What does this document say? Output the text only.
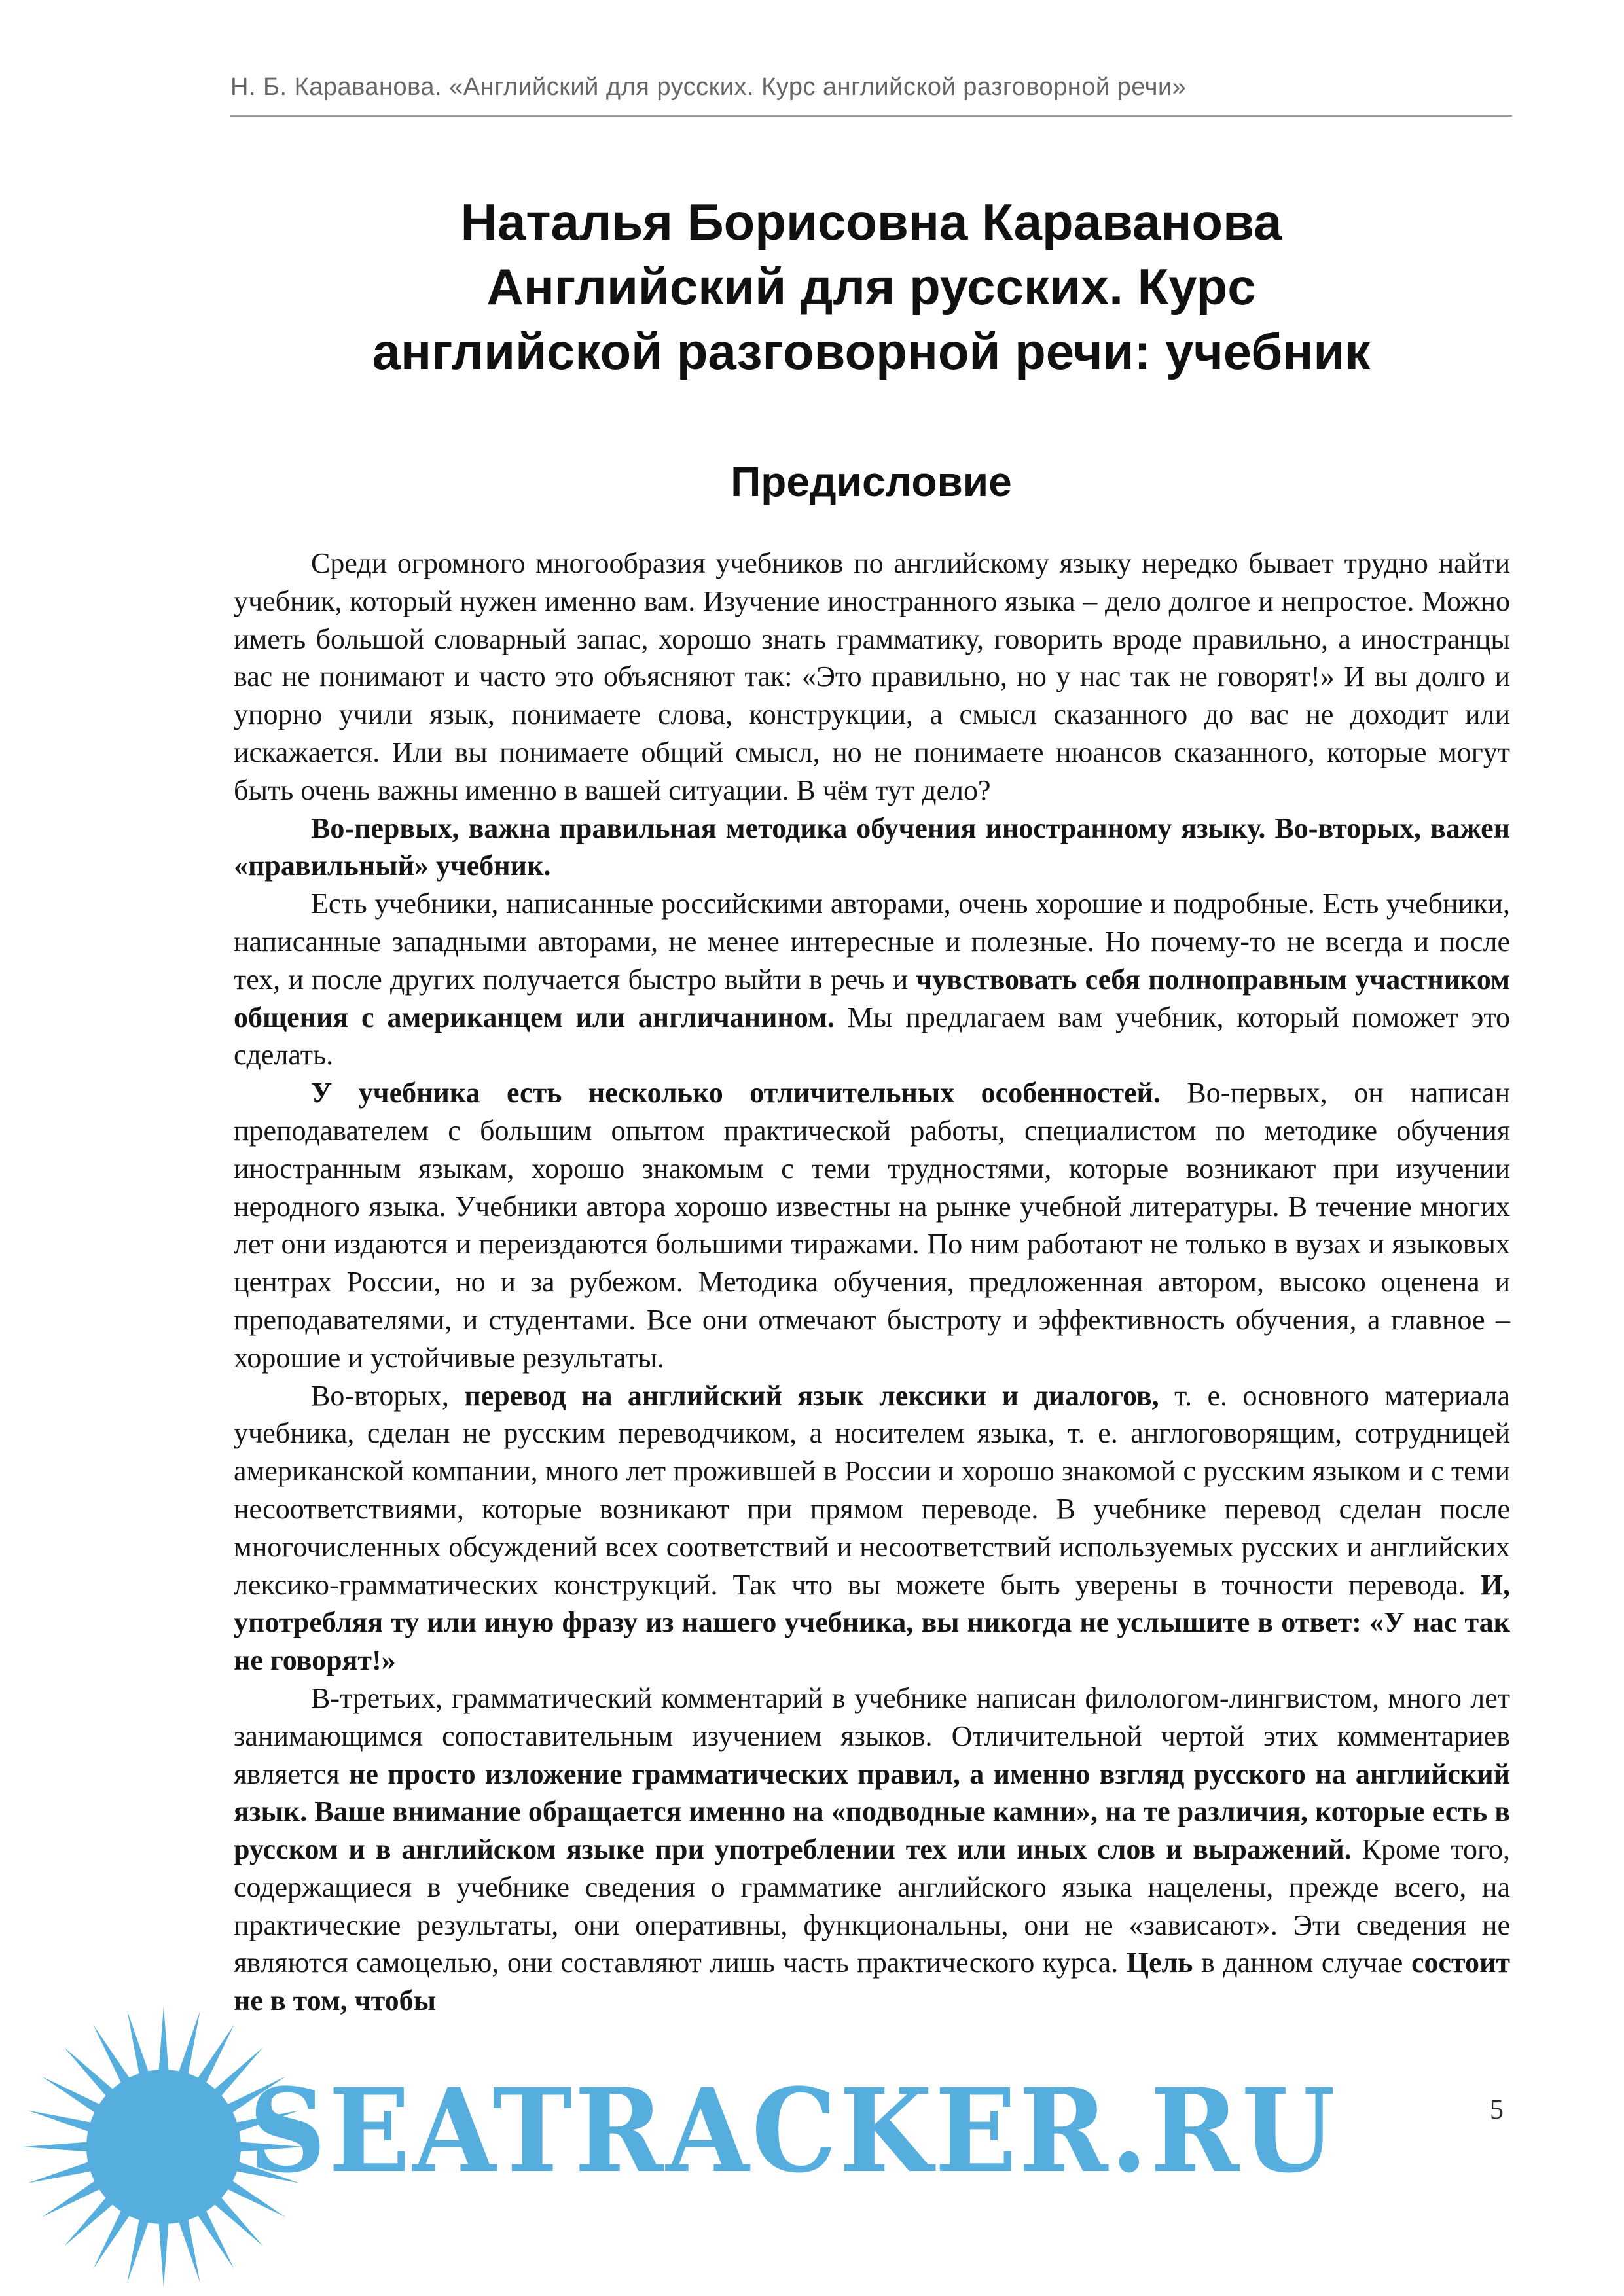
Н. Б. Караванова. «Английский для русских. Курс английской разговорной речи»
Наталья Борисовна Караванова
Английский для русских. Курс
английской разговорной речи: учебник
Предисловие

Среди огромного многообразия учебников по английскому языку нередко бывает трудно найти учебник, который нужен именно вам. Изучение иностранного языка – дело долгое и непростое. Можно иметь большой словарный запас, хорошо знать грамматику, говорить вроде правильно, а иностранцы вас не понимают и часто это объясняют так: «Это правильно, но у нас так не говорят!» И вы долго и упорно учили язык, понимаете слова, конструкции, а смысл сказанного до вас не доходит или искажается. Или вы понимаете общий смысл, но не понимаете нюансов сказанного, которые могут быть очень важны именно в вашей ситуации. В чём тут дело?

Во-первых, важна правильная методика обучения иностранному языку. Во-вторых, важен «правильный» учебник.

Есть учебники, написанные российскими авторами, очень хорошие и подробные. Есть учебники, написанные западными авторами, не менее интересные и полезные. Но почему-то не всегда и после тех, и после других получается быстро выйти в речь и чувствовать себя полноправным участником общения с американцем или англичанином. Мы предлагаем вам учебник, который поможет это сделать.

У учебника есть несколько отличительных особенностей. Во-первых, он написан преподавателем с большим опытом практической работы, специалистом по методике обучения иностранным языкам, хорошо знакомым с теми трудностями, которые возникают при изучении неродного языка. Учебники автора хорошо известны на рынке учебной литературы. В течение многих лет они издаются и переиздаются большими тиражами. По ним работают не только в вузах и языковых центрах России, но и за рубежом. Методика обучения, предложенная автором, высоко оценена и преподавателями, и студентами. Все они отмечают быстроту и эффективность обучения, а главное – хорошие и устойчивые результаты.

Во-вторых, перевод на английский язык лексики и диалогов, т. е. основного материала учебника, сделан не русским переводчиком, а носителем языка, т. е. англоговорящим, сотрудницей американской компании, много лет прожившей в России и хорошо знакомой с русским языком и с теми несоответствиями, которые возникают при прямом переводе. В учебнике перевод сделан после многочисленных обсуждений всех соответствий и несоответствий используемых русских и английских лексико-грамматических конструкций. Так что вы можете быть уверены в точности перевода. И, употребляя ту или иную фразу из нашего учебника, вы никогда не услышите в ответ: «У нас так не говорят!»

В-третьих, грамматический комментарий в учебнике написан филологом-лингвистом, много лет занимающимся сопоставительным изучением языков. Отличительной чертой этих комментариев является не просто изложение грамматических правил, а именно взгляд русского на английский язык. Ваше внимание обращается именно на «подводные камни», на те различия, которые есть в русском и в английском языке при употреблении тех или иных слов и выражений. Кроме того, содержащиеся в учебнике сведения о грамматике английского языка нацелены, прежде всего, на практические результаты, они оперативны, функциональны, они не «зависают». Эти сведения не являются самоцелью, они составляют лишь часть практического курса. Цель в данном случае состоит не в том, чтобы

5
SEATRACKER.RU
